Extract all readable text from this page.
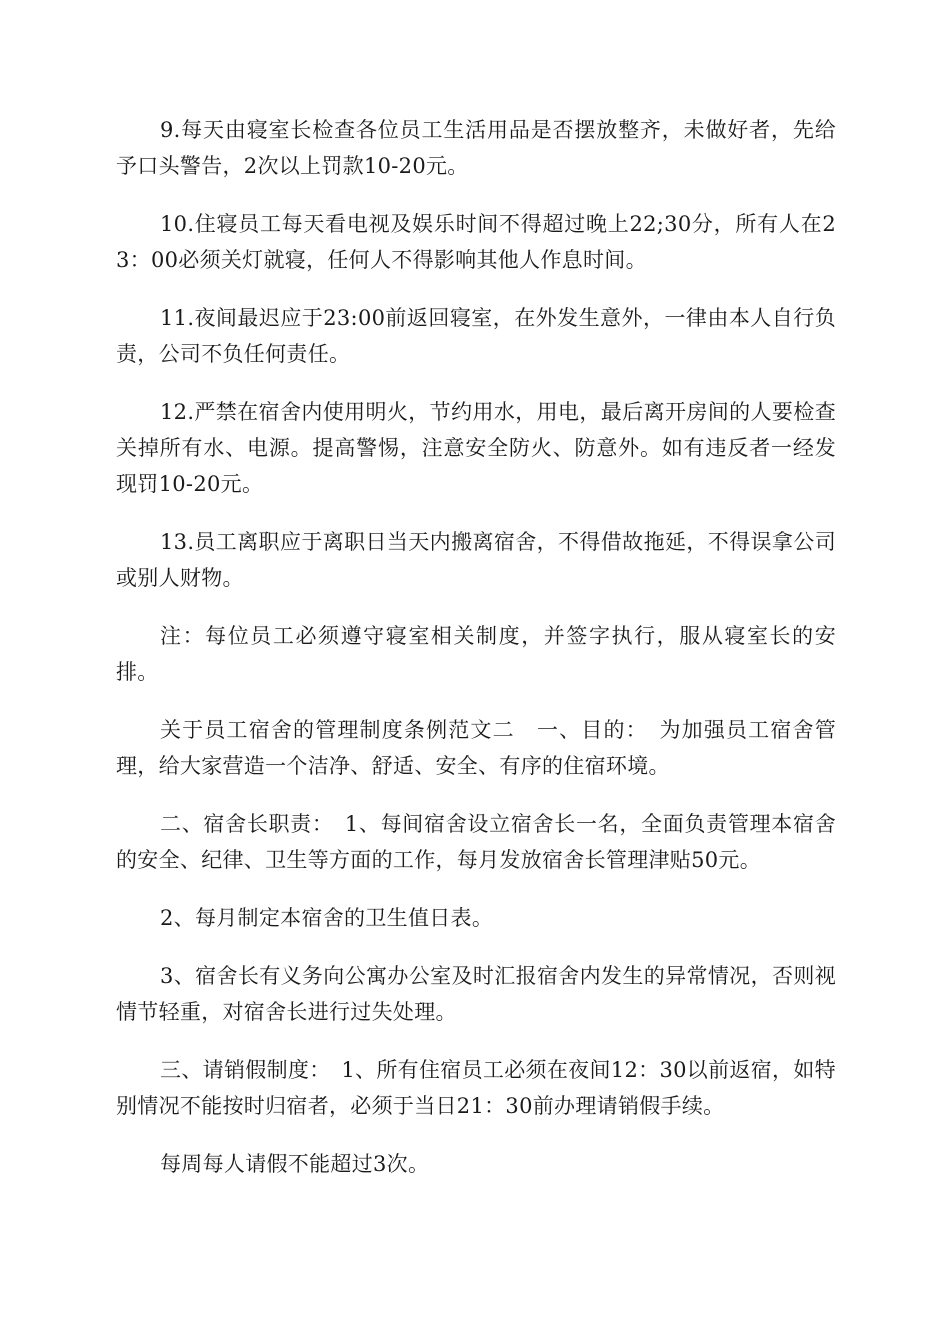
9.每天由寝室长检查各位员工生活用品是否摆放整齐，未做好者，先给予口头警告，2次以上罚款10-20元。

10.住寝员工每天看电视及娱乐时间不得超过晚上22;30分，所有人在23：00必须关灯就寝，任何人不得影响其他人作息时间。

11.夜间最迟应于23:00前返回寝室，在外发生意外，一律由本人自行负责，公司不负任何责任。

12.严禁在宿舍内使用明火，节约用水，用电，最后离开房间的人要检查关掉所有水、电源。提高警惕，注意安全防火、防意外。如有违反者一经发现罚10-20元。

13.员工离职应于离职日当天内搬离宿舍，不得借故拖延，不得误拿公司或别人财物。

注：每位员工必须遵守寝室相关制度，并签字执行，服从寝室长的安排。

关于员工宿舍的管理制度条例范文二　一、目的：　为加强员工宿舍管理，给大家营造一个洁净、舒适、安全、有序的住宿环境。

二、宿舍长职责：　1、每间宿舍设立宿舍长一名，全面负责管理本宿舍的安全、纪律、卫生等方面的工作，每月发放宿舍长管理津贴50元。

2、每月制定本宿舍的卫生值日表。

3、宿舍长有义务向公寓办公室及时汇报宿舍内发生的异常情况，否则视情节轻重，对宿舍长进行过失处理。

三、请销假制度：　1、所有住宿员工必须在夜间12：30以前返宿，如特别情况不能按时归宿者，必须于当日21：30前办理请销假手续。

每周每人请假不能超过3次。
